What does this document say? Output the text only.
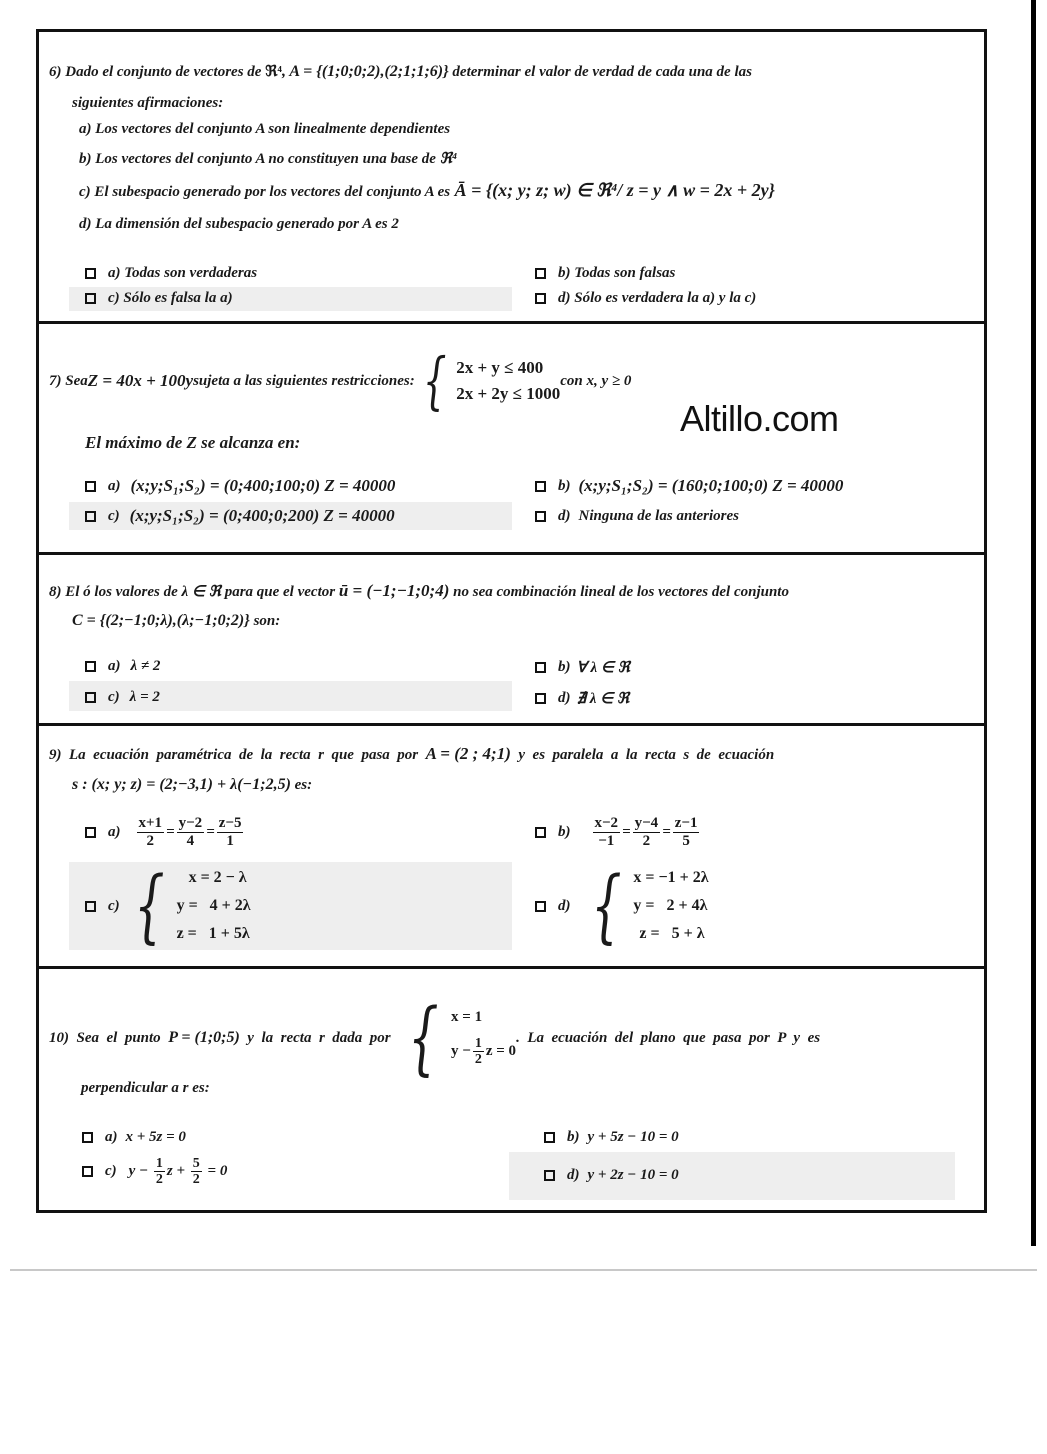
6) Dado el conjunto de vectores de ℜ⁴, A = {(1;0;0;2),(2;1;1;6)} determinar el valor de verdad de cada una de las
siguientes afirmaciones:
a) Los vectores del conjunto A son linealmente dependientes
b) Los vectores del conjunto A no constituyen una base de ℜ⁴
c) El subespacio generado por los vectores del conjunto A es Ā = {(x; y; z; w) ∈ ℜ⁴/ z = y ∧ w = 2x + 2y}
d) La dimensión del subespacio generado por A es 2
a) Todas son verdaderas	b) Todas son falsas
c) Sólo es falsa la a)	d) Sólo es verdadera la a) y la c)
7) Sea Z = 40x + 100y sujeta a las siguientes restricciones: { 2x + y ≤ 400
2x + 2y ≤ 1000
con x, y ≥ 0
El máximo de Z se alcanza en:
a) (x;y;S₁;S₂) = (0;400;100;0) Z = 40000	b) (x;y;S₁;S₂) = (160;0;100;0) Z = 40000
c) (x;y;S₁;S₂) = (0;400;0;200) Z = 40000	d) Ninguna de las anteriores
8) El ó los valores de λ ∈ ℜ para que el vector ū = (−1;−1;0;4) no sea combinación lineal de los vectores del conjunto
C = {(2;−1;0;λ),(λ;−1;0;2)} son:
a) λ ≠ 2	b) ∀ λ ∈ ℜ
c) λ = 2	d) ∄ λ ∈ ℜ
9)  La  ecuación  paramétrica  de  la  recta  r  que  pasa  por  A = (2 ; 4;1)  y  es  paralela  a  la  recta  s  de  ecuación
s : (x; y; z) = (2;−3,1) + λ(−1;2,5) es:
$a) \frac{x+1}{2} = \frac{y-2}{4} = \frac{z-5}{1}$	$b) \frac{x-2}{-1} = \frac{y-4}{2} = \frac{z-1}{5}$
c) {	x = 2 − λ
y =   4 + 2λ
z =   1 + 5λ
d) { x = −1 + 2λ
y =   2 + 4λ
z =   5 + λ
10)  Sea  el  punto P = (1;0;5) y  la  recta  r  dada  por { x = 1
$y - \frac{1}{2}$ z = 0
.  La  ecuación  del  plano  que  pasa  por  P  y  es
perpendicular a r es:
a) x + 5z = 0	b) y + 5z − 10 = 0
c) $y - \frac{1}{2}$ $z + \frac{5}{2} = 0$	d) y + 2z − 10 = 0
Altillo.com
